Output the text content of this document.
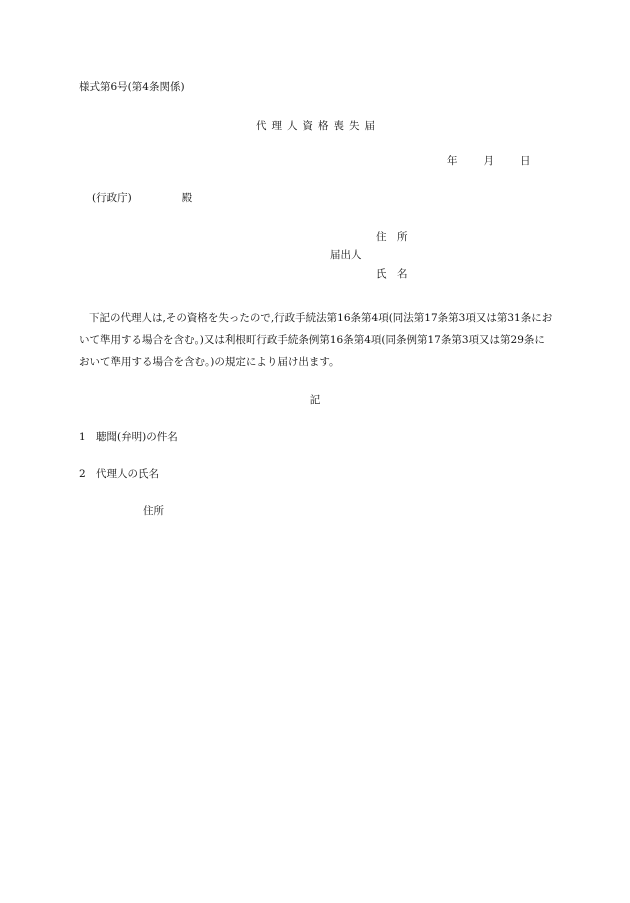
様式第6号(第4条関係)
代理人資格喪失届
年 月 日
(行政庁)	殿
住　所
届出人
氏　名
下記の代理人は,その資格を失ったので,行政手続法第16条第4項(同法第17条第3項又は第31条において準用する場合を含む。)又は利根町行政手続条例第16条第4項(同条例第17条第3項又は第29条において準用する場合を含む。)の規定により届け出ます。
記
1 聴聞(弁明)の件名
2 代理人の氏名
住所
